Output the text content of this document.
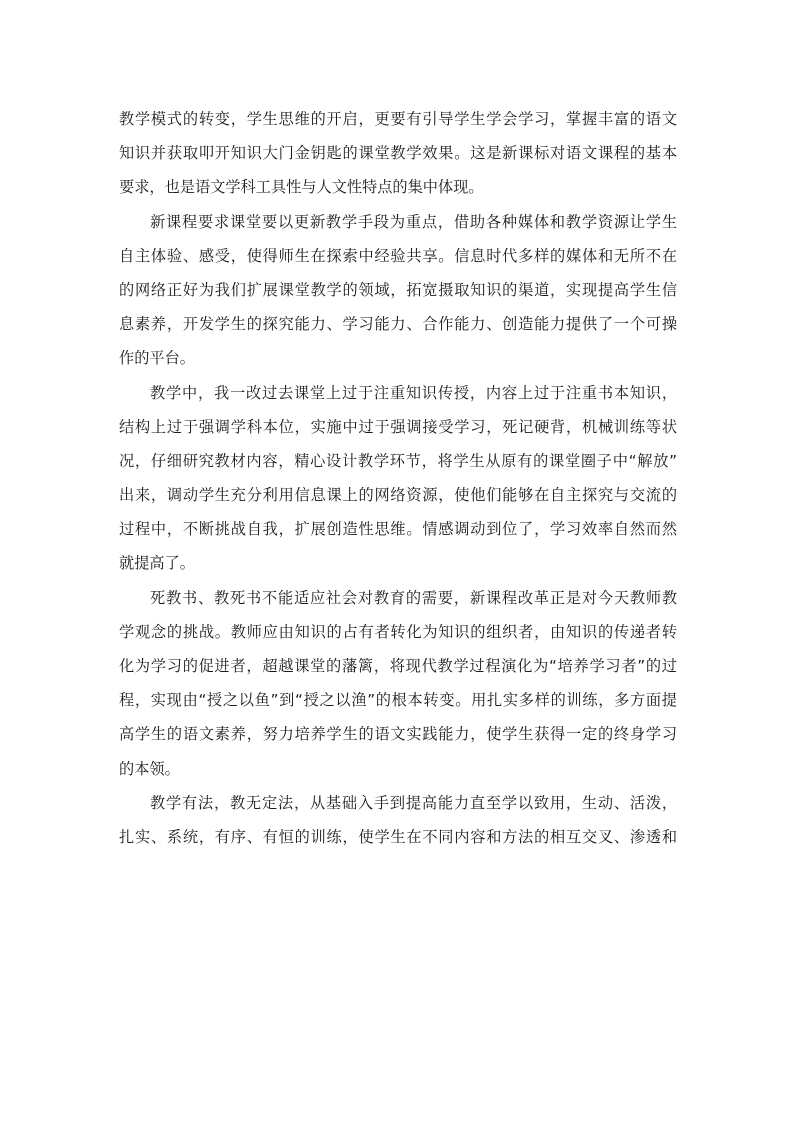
教学模式的转变，学生思维的开启，更要有引导学生学会学习，掌握丰富的语文
知识并获取叩开知识大门金钥匙的课堂教学效果。这是新课标对语文课程的基本
要求，也是语文学科工具性与人文性特点的集中体现。
新课程要求课堂要以更新教学手段为重点，借助各种媒体和教学资源让学生
自主体验、感受，使得师生在探索中经验共享。信息时代多样的媒体和无所不在
的网络正好为我们扩展课堂教学的领域，拓宽摄取知识的渠道，实现提高学生信
息素养，开发学生的探究能力、学习能力、合作能力、创造能力提供了一个可操
作的平台。
教学中，我一改过去课堂上过于注重知识传授，内容上过于注重书本知识，
结构上过于强调学科本位，实施中过于强调接受学习，死记硬背，机械训练等状
况，仔细研究教材内容，精心设计教学环节，将学生从原有的课堂圈子中“解放”
出来，调动学生充分利用信息课上的网络资源，使他们能够在自主探究与交流的
过程中，不断挑战自我，扩展创造性思维。情感调动到位了，学习效率自然而然
就提高了。
死教书、教死书不能适应社会对教育的需要，新课程改革正是对今天教师教
学观念的挑战。教师应由知识的占有者转化为知识的组织者，由知识的传递者转
化为学习的促进者，超越课堂的藩篱，将现代教学过程演化为“培养学习者”的过
程，实现由“授之以鱼”到“授之以渔”的根本转变。用扎实多样的训练，多方面提
高学生的语文素养，努力培养学生的语文实践能力，使学生获得一定的终身学习
的本领。
教学有法，教无定法，从基础入手到提高能力直至学以致用，生动、活泼，
扎实、系统，有序、有恒的训练，使学生在不同内容和方法的相互交叉、渗透和
